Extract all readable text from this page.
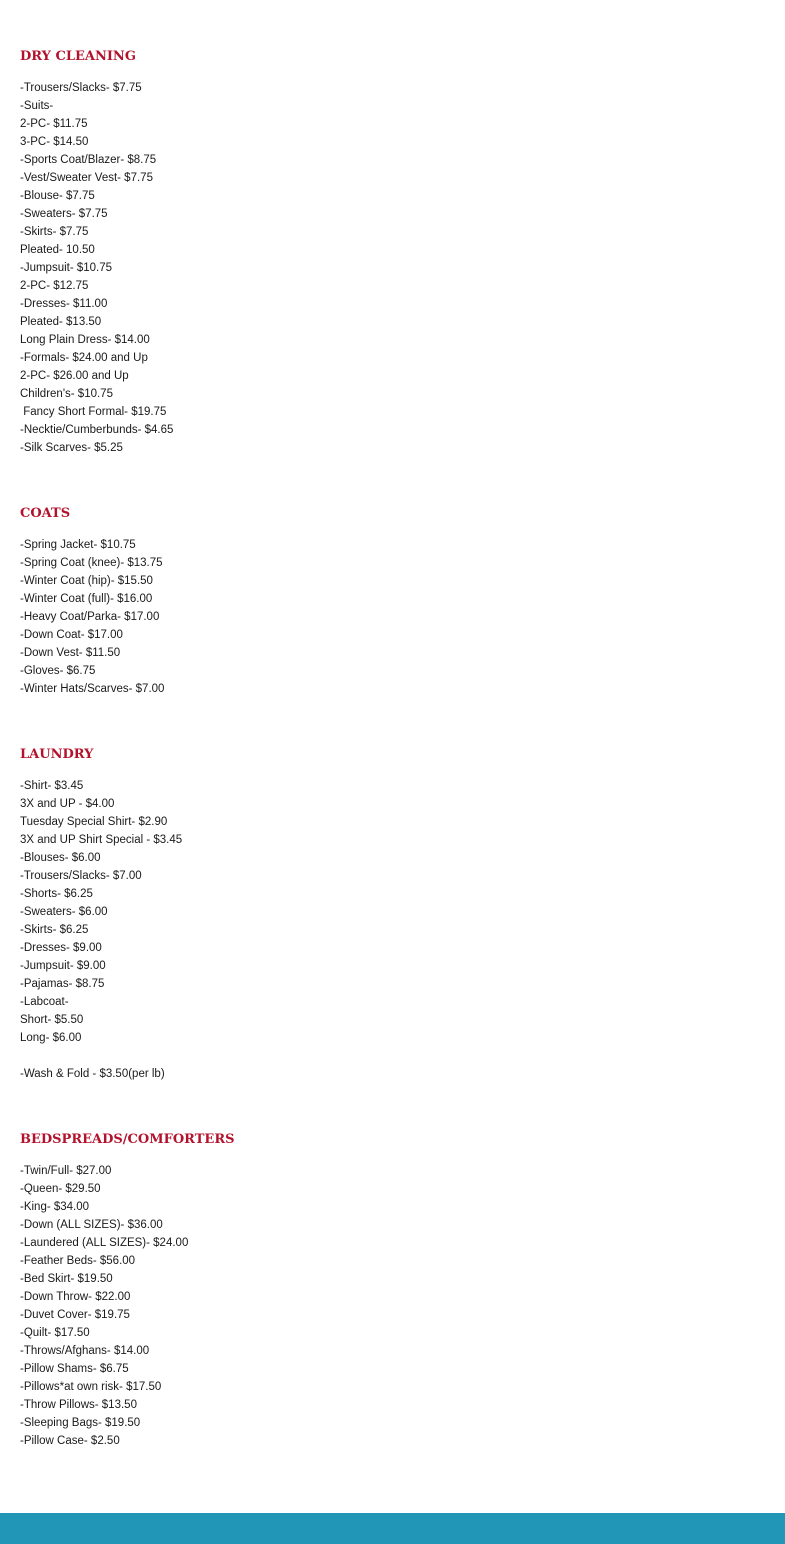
DRY CLEANING
-Trousers/Slacks- $7.75
-Suits-
2-PC- $11.75
3-PC- $14.50
-Sports Coat/Blazer- $8.75
-Vest/Sweater Vest- $7.75
-Blouse- $7.75
-Sweaters- $7.75
-Skirts- $7.75
Pleated- 10.50
-Jumpsuit- $10.75
2-PC- $12.75
-Dresses- $11.00
Pleated- $13.50
Long Plain Dress- $14.00
-Formals- $24.00 and Up
2-PC- $26.00 and Up
Children's- $10.75
Fancy Short Formal- $19.75
-Necktie/Cumberbunds- $4.65
-Silk Scarves- $5.25
COATS
-Spring Jacket- $10.75
-Spring Coat (knee)- $13.75
-Winter Coat (hip)- $15.50
-Winter Coat (full)- $16.00
-Heavy Coat/Parka- $17.00
-Down Coat- $17.00
-Down Vest- $11.50
-Gloves- $6.75
-Winter Hats/Scarves- $7.00
LAUNDRY
-Shirt- $3.45
3X and UP - $4.00
Tuesday Special Shirt- $2.90
3X and UP Shirt Special - $3.45
-Blouses- $6.00
-Trousers/Slacks- $7.00
-Shorts- $6.25
-Sweaters- $6.00
-Skirts- $6.25
-Dresses- $9.00
-Jumpsuit- $9.00
-Pajamas- $8.75
-Labcoat-
Short- $5.50
Long- $6.00
-Wash & Fold - $3.50(per lb)
BEDSPREADS/COMFORTERS
-Twin/Full- $27.00
-Queen- $29.50
-King- $34.00
-Down (ALL SIZES)- $36.00
-Laundered (ALL SIZES)- $24.00
-Feather Beds- $56.00
-Bed Skirt- $19.50
-Down Throw- $22.00
-Duvet Cover- $19.75
-Quilt- $17.50
-Throws/Afghans- $14.00
-Pillow Shams- $6.75
-Pillows*at own risk- $17.50
-Throw Pillows- $13.50
-Sleeping Bags- $19.50
-Pillow Case- $2.50
